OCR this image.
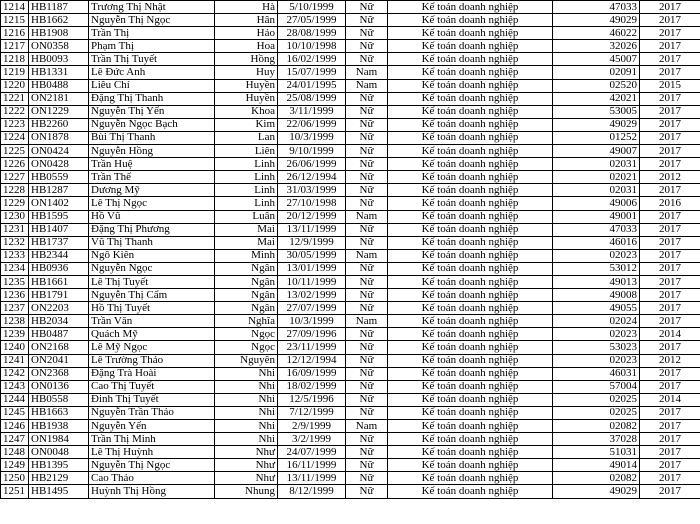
1214	HB1187	Trương Thị Nhật	Hà	5/10/1999	Nữ	Kế toán doanh nghiệp	47033	2017
1215	HB1662	Nguyễn Thị Ngọc	Hân	27/05/1999	Nữ	Kế toán doanh nghiệp	49029	2017
1216	HB1908	Trần Thị	Hảo	28/08/1999	Nữ	Kế toán doanh nghiệp	46022	2017
1217	ON0358	Phạm Thị	Hoa	10/10/1998	Nữ	Kế toán doanh nghiệp	32026	2017
1218	HB0093	Trần Thị Tuyết	Hồng	16/02/1999	Nữ	Kế toán doanh nghiệp	45007	2017
1219	HB1331	Lê Đức Anh	Huy	15/07/1999	Nam	Kế toán doanh nghiệp	02091	2017
1220	HB0488	Liêu Chí	Huyền	24/01/1995	Nam	Kế toán doanh nghiệp	02520	2015
1221	ON2181	Đặng Thị Thanh	Huyền	25/08/1999	Nữ	Kế toán doanh nghiệp	42021	2017
1222	ON1229	Nguyễn Thị Yến	Khoa	3/11/1999	Nữ	Kế toán doanh nghiệp	53005	2017
1223	HB2260	Nguyễn Ngọc Bạch	Kim	22/06/1999	Nữ	Kế toán doanh nghiệp	49029	2017
1224	ON1878	Bùi Thị Thanh	Lan	10/3/1999	Nữ	Kế toán doanh nghiệp	01252	2017
1225	ON0424	Nguyễn Hồng	Liên	9/10/1999	Nữ	Kế toán doanh nghiệp	49007	2017
1226	ON0428	Trần Huệ	Linh	26/06/1999	Nữ	Kế toán doanh nghiệp	02031	2017
1227	HB0559	Trần Thế	Linh	26/12/1994	Nữ	Kế toán doanh nghiệp	02021	2012
1228	HB1287	Dương Mỹ	Linh	31/03/1999	Nữ	Kế toán doanh nghiệp	02031	2017
1229	ON1402	Lê Thị Ngọc	Linh	27/10/1998	Nữ	Kế toán doanh nghiệp	49006	2016
1230	HB1595	Hồ Vũ	Luân	20/12/1999	Nam	Kế toán doanh nghiệp	49001	2017
1231	HB1407	Đặng Thị Phương	Mai	13/11/1999	Nữ	Kế toán doanh nghiệp	47033	2017
1232	HB1737	Vũ Thị Thanh	Mai	12/9/1999	Nữ	Kế toán doanh nghiệp	46016	2017
1233	HB2344	Ngô Kiên	Minh	30/05/1999	Nam	Kế toán doanh nghiệp	02023	2017
1234	HB0936	Nguyễn Ngọc	Ngân	13/01/1999	Nữ	Kế toán doanh nghiệp	53012	2017
1235	HB1661	Lê Thị Tuyết	Ngân	10/11/1999	Nữ	Kế toán doanh nghiệp	49013	2017
1236	HB1791	Nguyễn Thị Cẩm	Ngân	13/02/1999	Nữ	Kế toán doanh nghiệp	49008	2017
1237	ON2203	Hồ Thị Tuyết	Ngân	27/07/1999	Nữ	Kế toán doanh nghiệp	49055	2017
1238	HB2034	Trần Văn	Nghĩa	10/3/1999	Nam	Kế toán doanh nghiệp	02024	2017
1239	HB0487	Quách Mỹ	Ngọc	27/09/1996	Nữ	Kế toán doanh nghiệp	02023	2014
1240	ON2168	Lê Mỹ Ngọc	Ngọc	23/11/1999	Nữ	Kế toán doanh nghiệp	53023	2017
1241	ON2041	Lê Trường Thảo	Nguyên	12/12/1994	Nữ	Kế toán doanh nghiệp	02023	2012
1242	ON2368	Đặng Trà Hoài	Nhi	16/09/1999	Nữ	Kế toán doanh nghiệp	46031	2017
1243	ON0136	Cao Thị Tuyết	Nhi	18/02/1999	Nữ	Kế toán doanh nghiệp	57004	2017
1244	HB0558	Đinh Thị Tuyết	Nhi	12/5/1996	Nữ	Kế toán doanh nghiệp	02025	2014
1245	HB1663	Nguyễn Trần Thảo	Nhi	7/12/1999	Nữ	Kế toán doanh nghiệp	02025	2017
1246	HB1938	Nguyễn Yến	Nhi	2/9/1999	Nam	Kế toán doanh nghiệp	02082	2017
1247	ON1984	Trần Thị Minh	Nhi	3/2/1999	Nữ	Kế toán doanh nghiệp	37028	2017
1248	ON0048	Lê Thị Huỳnh	Như	24/07/1999	Nữ	Kế toán doanh nghiệp	51031	2017
1249	HB1395	Nguyễn Thị Ngọc	Như	16/11/1999	Nữ	Kế toán doanh nghiệp	49014	2017
1250	HB2129	Cao Thảo	Như	13/11/1999	Nữ	Kế toán doanh nghiệp	02082	2017
1251	HB1495	Huỳnh Thị Hồng	Nhung	8/12/1999	Nữ	Kế toán doanh nghiệp	49029	2017
